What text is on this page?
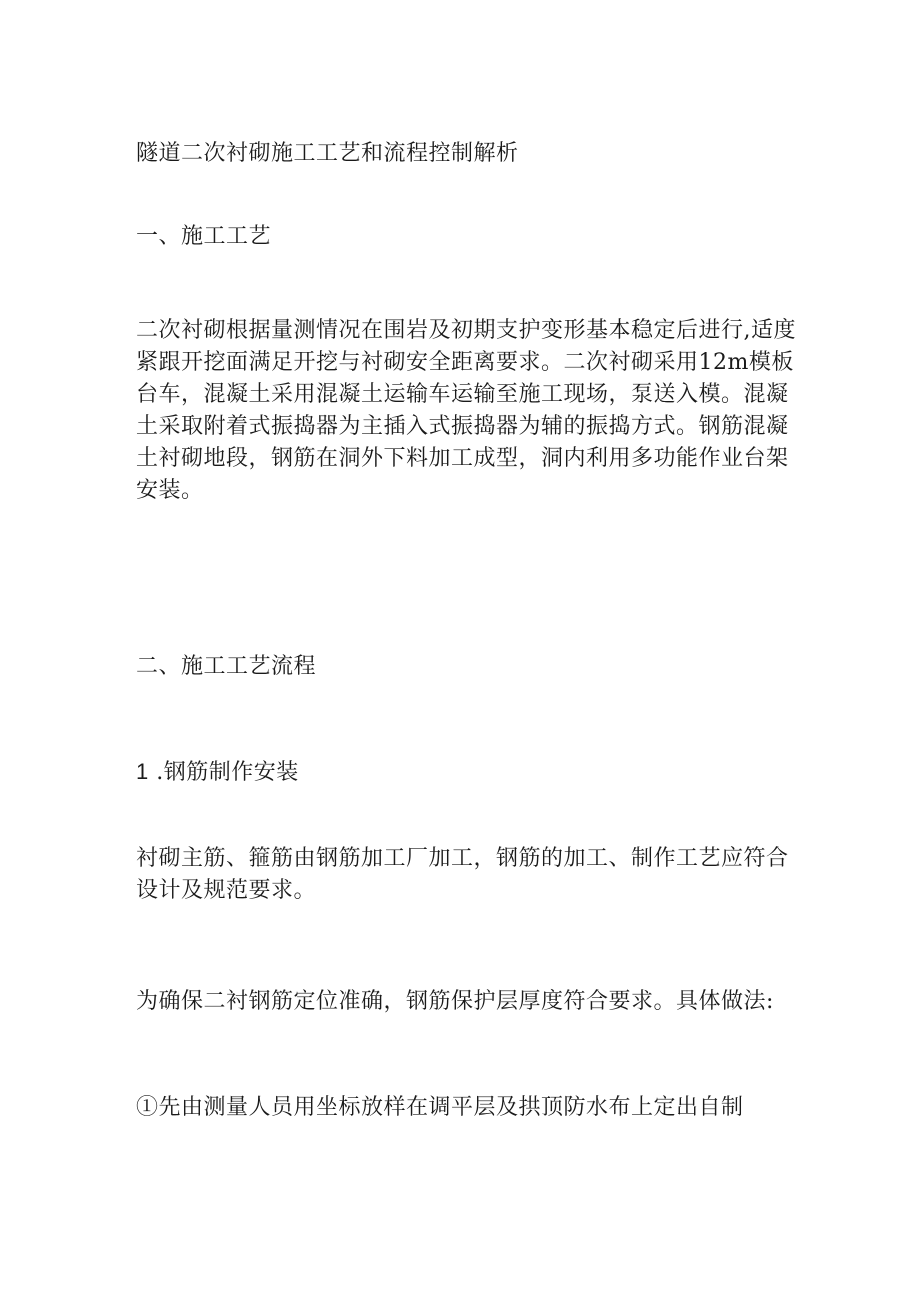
隧道二次衬砌施工工艺和流程控制解析
一、施工工艺
二次衬砌根据量测情况在围岩及初期支护变形基本稳定后进行,适度紧跟开挖面满足开挖与衬砌安全距离要求。二次衬砌采用12m模板台车，混凝土采用混凝土运输车运输至施工现场，泵送入模。混凝土采取附着式振捣器为主插入式振捣器为辅的振捣方式。钢筋混凝土衬砌地段，钢筋在洞外下料加工成型，洞内利用多功能作业台架安装。
二、施工工艺流程
1 .钢筋制作安装
衬砌主筋、箍筋由钢筋加工厂加工，钢筋的加工、制作工艺应符合设计及规范要求。
为确保二衬钢筋定位准确，钢筋保护层厚度符合要求。具体做法:
①先由测量人员用坐标放样在调平层及拱顶防水布上定出自制
